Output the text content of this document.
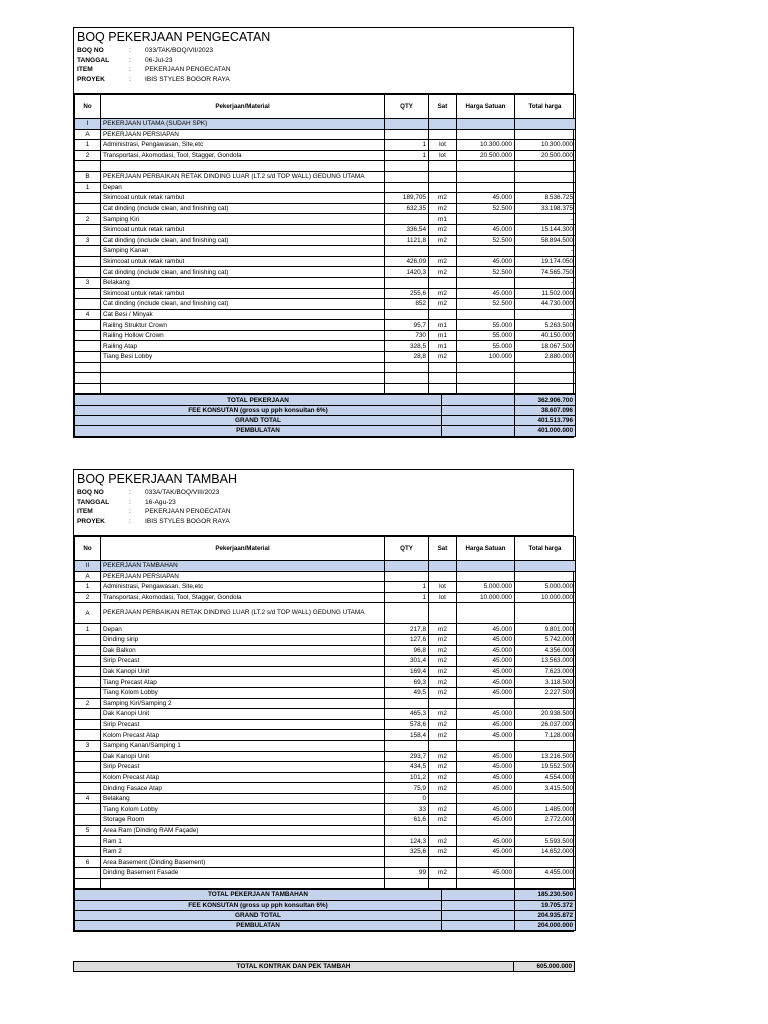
BOQ PEKERJAAN PENGECATAN
BOQ NO	:	033/TAK/BOQ/VII/2023
TANGGAL	:	06-Jul-23
ITEM	:	PEKERJAAN PENGECATAN
PROYEK	:	IBIS STYLES BOGOR RAYA
No	Pekerjaan/Material	QTY	Sat	Harga Satuan	Total harga
I	PEKERJAAN UTAMA (SUDAH SPK)				
A	PEKERJAAN PERSIAPAN				
1	Administrasi, Pengawasan, Site,etc	1	lot	10.300.000	10.300.000
2	Transportasi, Akomodasi, Tool, Stagger, Gondola	1	lot	20.500.000	20.500.000

B	PEKERJAAN PERBAIKAN RETAK DINDING LUAR (LT.2 s/d TOP WALL) GEDUNG UTAMA				
1	Depan				
	Skimcoat untuk retak rambut	189,705	m2	45.000	8.536.725
	Cat dinding (include clean, and finishing cat)	632,35	m2	52.500	33.198.375
2	Samping Kiri		m1		-
	Skimcoat untuk retak rambut	336,54	m2	45.000	15.144.300
3	Cat dinding (include clean, and finishing cat)	1121,8	m2	52.500	58.894.500
	Samping Kanan				-
	Skimcoat untuk retak rambut	426,09	m2	45.000	19.174.050
	Cat dinding (include clean, and finishing cat)	1420,3	m2	52.500	74.565.750
3	Belakang				-
	Skimcoat untuk retak rambut	255,6	m2	45.000	11.502.000
	Cat dinding (include clean, and finishing cat)	852	m2	52.500	44.730.000
4	Cat Besi / Minyak				-
	Railing Struktur Crown	95,7	m1	55.000	5.263.500
	Railing Hollow Crown	730	m1	55.000	40.150.000
	Railing Atap	328,5	m1	55.000	18.067.500
	Tiang Besi Lobby	28,8	m2	100.000	2.880.000

TOTAL PEKERJAAN		362.906.700
FEE KONSUTAN (gross up pph konsultan 6%)		38.607.096
GRAND TOTAL		401.513.796
PEMBULATAN		401.000.000
BOQ PEKERJAAN TAMBAH
BOQ NO	:	033A/TAK/BOQ/VIII/2023
TANGGAL	:	16-Agu-23
ITEM	:	PEKERJAAN PENGECATAN
PROYEK	:	IBIS STYLES BOGOR RAYA
No	Pekerjaan/Material	QTY	Sat	Harga Satuan	Total harga
II	PEKERJAAN TAMBAHAN				
A	PEKERJAAN PERSIAPAN				
1	Administrasi, Pengawasan, Site,etc	1	lot	5.000.000	5.000.000
2	Transportasi, Akomodasi, Tool, Stagger, Gondola	1	lot	10.000.000	10.000.000
A	PEKERJAAN PERBAIKAN RETAK DINDING LUAR (LT.2 s/d TOP WALL) GEDUNG UTAMA				
1	Depan	217,8	m2	45.000	9.801.000
	Dinding sirip	127,6	m2	45.000	5.742.000
	Dak Balkon	96,8	m2	45.000	4.356.000
	Sirip Precast	301,4	m2	45.000	13.563.000
	Dak Kanopi Unit	169,4	m2	45.000	7.623.000
	Tiang Precast Atap	69,3	m2	45.000	3.118.500
	Tiang Kolom Lobby	49,5	m2	45.000	2.227.500
2	Samping Kiri/Samping 2				
	Dak Kanopi Unit	465,3	m2	45.000	20.938.500
	Sirip Precast	578,6	m2	45.000	26.037.000
	Kolom Precast Atap	158,4	m2	45.000	7.128.000
3	Samping Kanan/Samping 1				
	Dak Kanopi Unit	293,7	m2	45.000	13.216.500
	Sirip Precast	434,5	m2	45.000	19.552.500
	Kolom Precast Atap	101,2	m2	45.000	4.554.000
	Dinding Fasace Atap	75,9	m2	45.000	3.415.500
4	Belakang	0			
	Tiang Kolom Lobby	33	m2	45.000	1.485.000
	Storage Room	61,6	m2	45.000	2.772.000
5	Area Ram (Dinding RAM Façade)				
	Ram 1	124,3	m2	45.000	5.593.500
	Ram 2	325,6	m2	45.000	14.652.000
6	Area Basement (Dinding Basement)				
	Dinding Basement Fasade	99	m2	45.000	4.455.000

TOTAL PEKERJAAN TAMBAHAN		185.230.500
FEE KONSUTAN (gross up pph konsultan 6%)		19.705.372
GRAND TOTAL		204.935.872
PEMBULATAN		204.000.000
TOTAL KONTRAK DAN PEK TAMBAH	605.000.000
